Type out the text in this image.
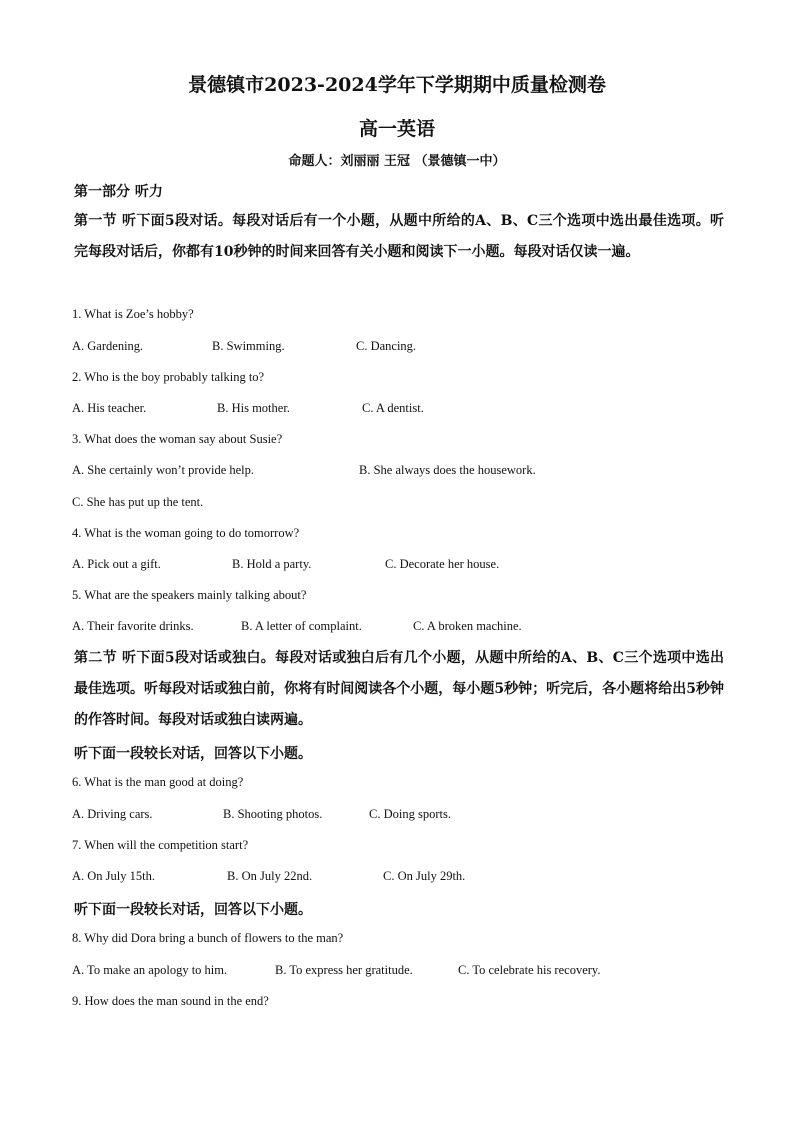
景德镇市2023-2024学年下学期期中质量检测卷
高一英语
命题人：刘丽丽 王冠 （景德镇一中）
第一部分 听力
第一节 听下面5段对话。每段对话后有一个小题，从题中所给的A、B、C三个选项中选出最佳选项。听完每段对话后，你都有10秒钟的时间来回答有关小题和阅读下一小题。每段对话仅读一遍。
1. What is Zoe’s hobby?
A. Gardening.	B. Swimming.	C. Dancing.
2. Who is the boy probably talking to?
A. His teacher.	B. His mother.	C. A dentist.
3. What does the woman say about Susie?
A. She certainly won’t provide help.	B. She always does the housework.
C. She has put up the tent.
4. What is the woman going to do tomorrow?
A. Pick out a gift.	B. Hold a party.	C. Decorate her house.
5. What are the speakers mainly talking about?
A. Their favorite drinks.	B. A letter of complaint.	C. A broken machine.
第二节 听下面5段对话或独白。每段对话或独白后有几个小题，从题中所给的A、B、C三个选项中选出最佳选项。听每段对话或独白前，你将有时间阅读各个小题，每小题5秒钟；听完后，各小题将给出5秒钟的作答时间。每段对话或独白读两遍。
听下面一段较长对话，回答以下小题。
6. What is the man good at doing?
A. Driving cars.	B. Shooting photos.	C. Doing sports.
7. When will the competition start?
A. On July 15th.	B. On July 22nd.	C. On July 29th.
听下面一段较长对话，回答以下小题。
8. Why did Dora bring a bunch of flowers to the man?
A. To make an apology to him.	B. To express her gratitude.	C. To celebrate his recovery.
9. How does the man sound in the end?
